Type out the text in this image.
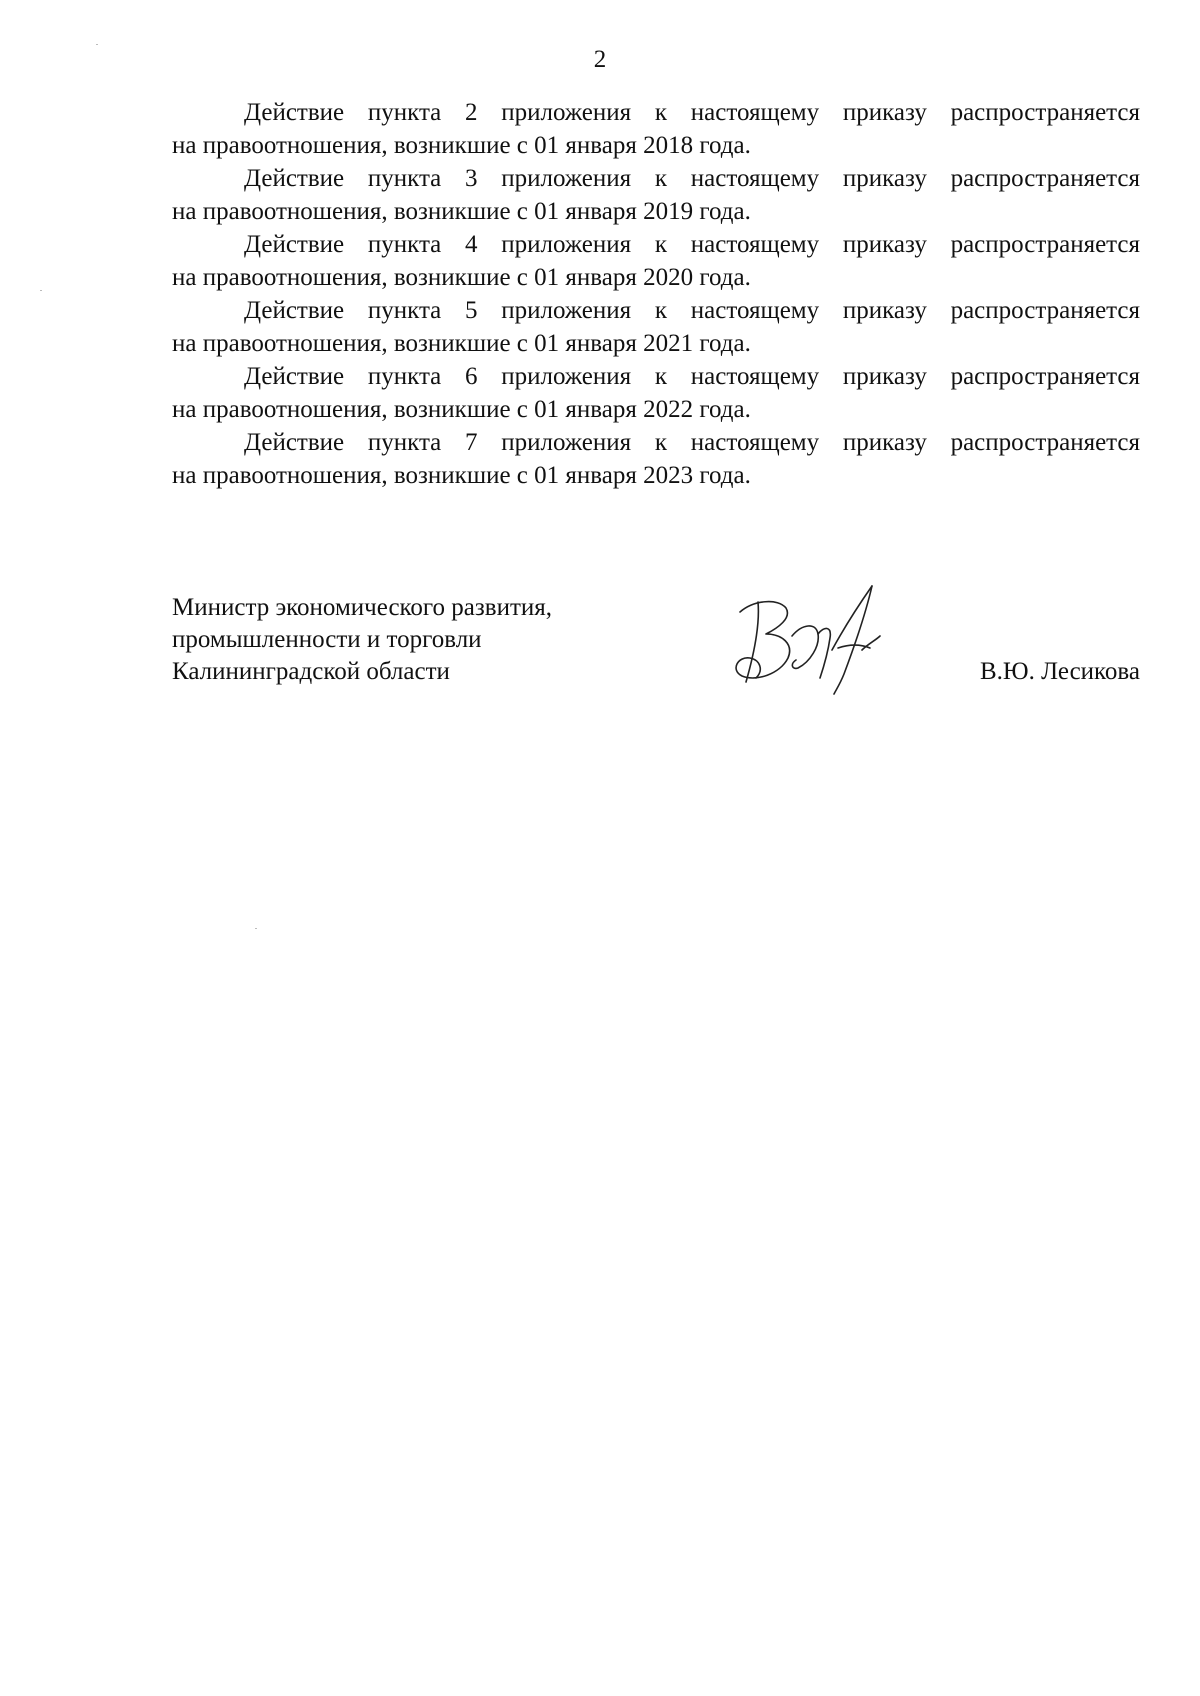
2

Действие пункта 2 приложения к настоящему приказу распространяется
на правоотношения, возникшие с 01 января 2018 года.

Действие пункта 3 приложения к настоящему приказу распространяется
на правоотношения, возникшие с 01 января 2019 года.

Действие пункта 4 приложения к настоящему приказу распространяется
на правоотношения, возникшие с 01 января 2020 года.

Действие пункта 5 приложения к настоящему приказу распространяется
на правоотношения, возникшие с 01 января 2021 года.

Действие пункта 6 приложения к настоящему приказу распространяется
на правоотношения, возникшие с 01 января 2022 года.

Действие пункта 7 приложения к настоящему приказу распространяется
на правоотношения, возникшие с 01 января 2023 года.

Министр экономического развития,
промышленности и торговли
Калининградской области	В.Ю. Лесикова
